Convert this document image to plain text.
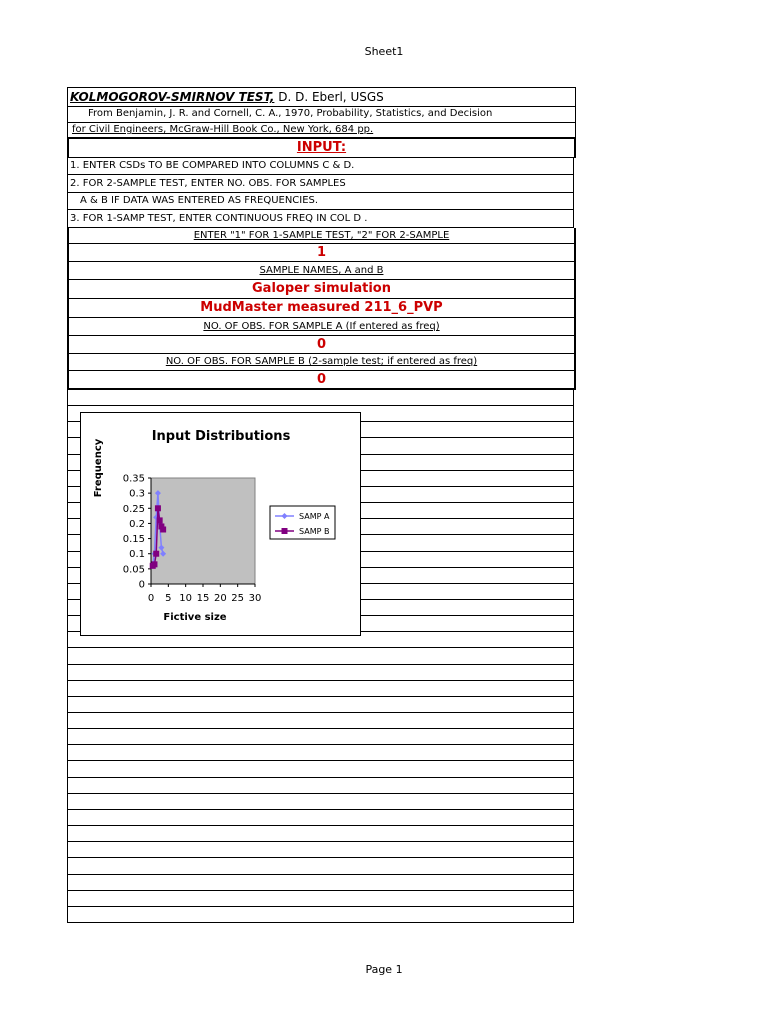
Sheet1
KOLMOGOROV-SMIRNOV TEST, D. D. Eberl, USGS
From Benjamin, J. R. and Cornell, C. A., 1970, Probability, Statistics, and Decision
for Civil Engineers, McGraw-Hill Book Co., New York, 684 pp.
INPUT:
1. ENTER CSDs TO BE COMPARED INTO COLUMNS C & D.
2. FOR 2-SAMPLE TEST, ENTER NO. OBS. FOR SAMPLES
A & B IF DATA WAS ENTERED AS FREQUENCIES.
3. FOR 1-SAMP TEST, ENTER CONTINUOUS FREQ IN COL D .
ENTER "1" FOR 1-SAMPLE TEST, "2" FOR 2-SAMPLE
1
SAMPLE NAMES, A and B
Galoper simulation
MudMaster measured 211_6_PVP
NO. OF OBS. FOR SAMPLE A (If entered as freq)
0
NO. OF OBS. FOR SAMPLE B (2-sample test; if entered as freq)
0
Input Distributions
0
0.05
0.1
0.15
0.2
0.25
0.3
0.35
0 5 10 15 20 25 30
Fictive size
Frequency
SAMP A
SAMP B
Page 1
